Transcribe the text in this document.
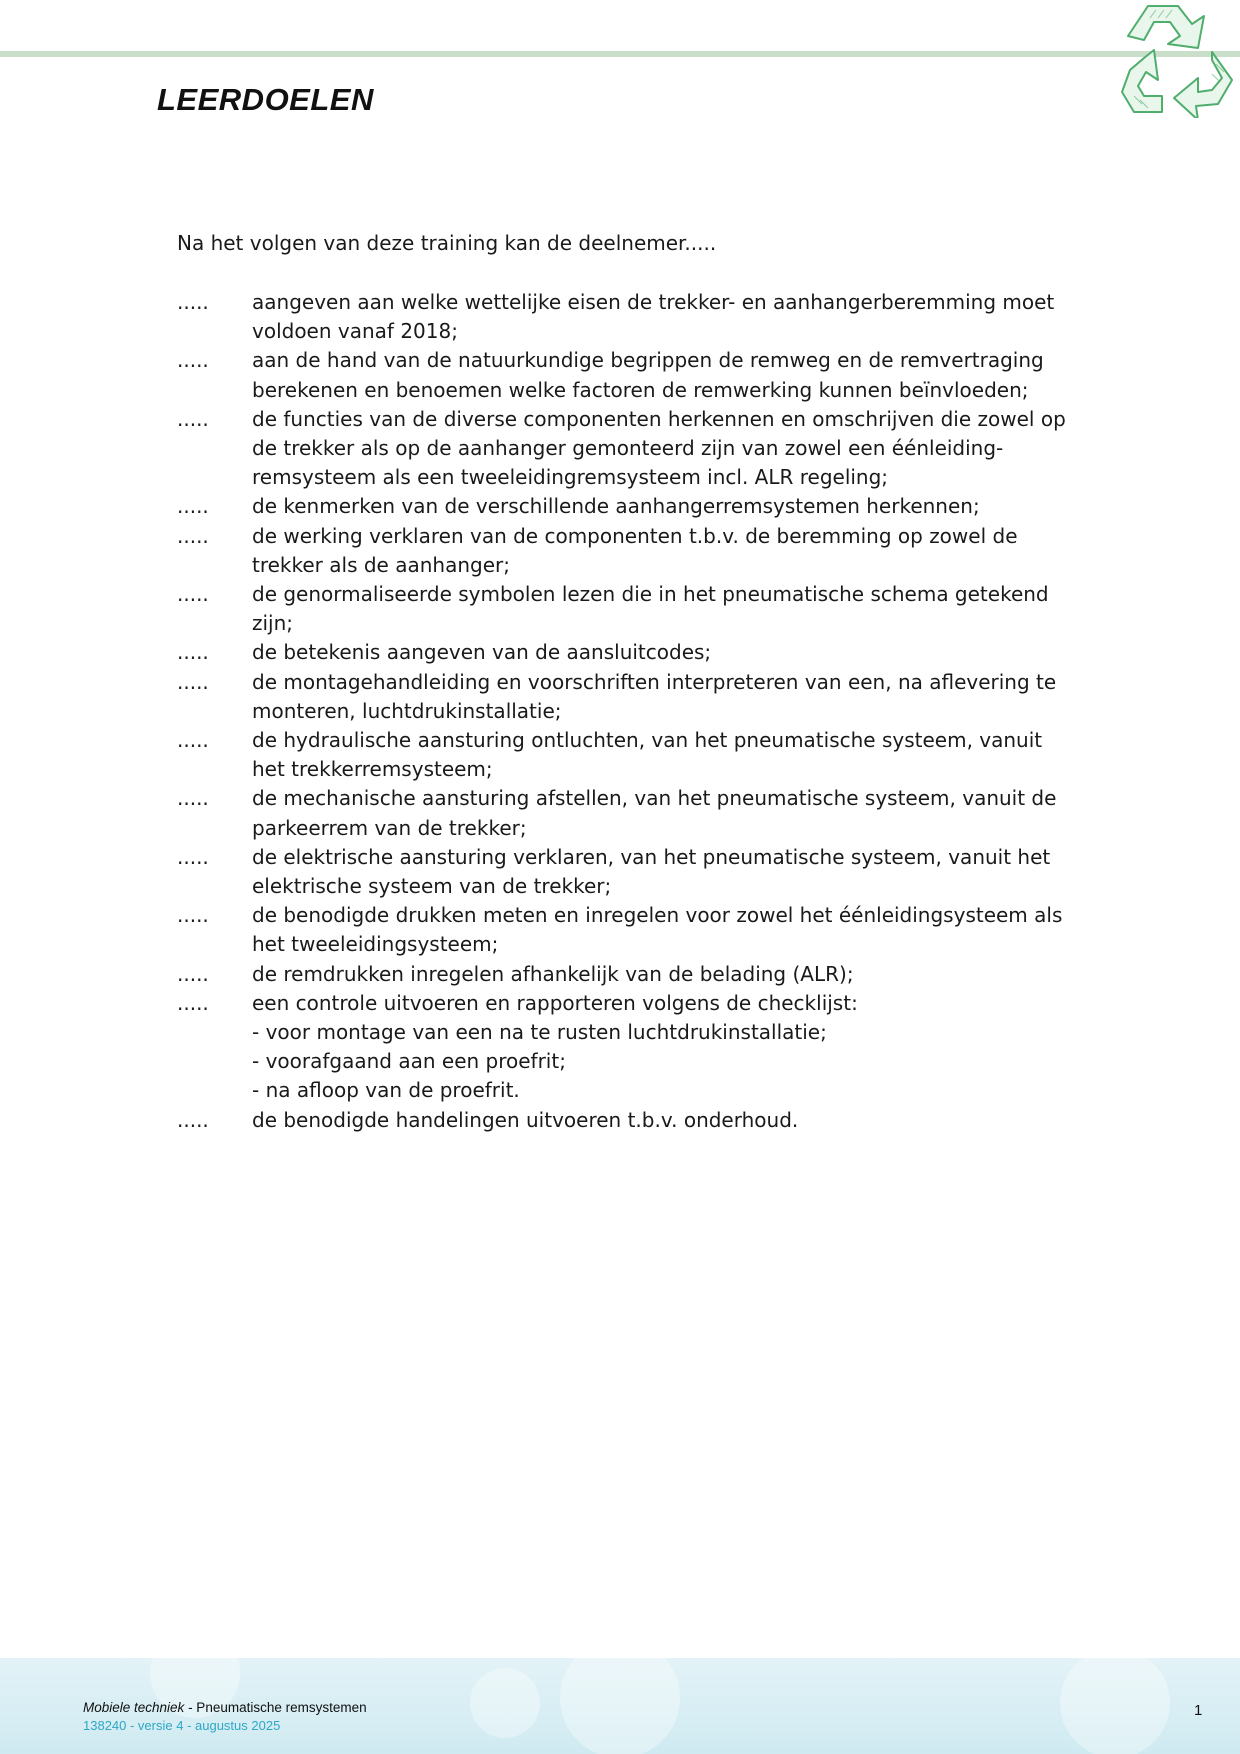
LEERDOELEN
Na het volgen van deze training kan de deelnemer.....
.....	aangeven aan welke wettelijke eisen de trekker- en aanhangerberemming moet voldoen vanaf 2018;
.....	aan de hand van de natuurkundige begrippen de remweg en de remvertraging berekenen en benoemen welke factoren de remwerking kunnen beïnvloeden;
.....	de functies van de diverse componenten herkennen en omschrijven die zowel op de trekker als op de aanhanger gemonteerd zijn van zowel een éénleiding-remsysteem als een tweeleidingremsysteem incl. ALR regeling;
.....	de kenmerken van de verschillende aanhangerremsystemen herkennen;
.....	de werking verklaren van de componenten t.b.v. de beremming op zowel de trekker als de aanhanger;
.....	de genormaliseerde symbolen lezen die in het pneumatische schema getekend zijn;
.....	de betekenis aangeven van de aansluitcodes;
.....	de montagehandleiding en voorschriften interpreteren van een, na aflevering te monteren, luchtdrukinstallatie;
.....	de hydraulische aansturing ontluchten, van het pneumatische systeem, vanuit het trekkerremsysteem;
.....	de mechanische aansturing afstellen, van het pneumatische systeem, vanuit de parkeerrem van de trekker;
.....	de elektrische aansturing verklaren, van het pneumatische systeem, vanuit het elektrische systeem van de trekker;
.....	de benodigde drukken meten en inregelen voor zowel het éénleidingsysteem als het tweeleidingsysteem;
.....	de remdrukken inregelen afhankelijk van de belading (ALR);
.....	een controle uitvoeren en rapporteren volgens de checklijst:
- voor montage van een na te rusten luchtdrukinstallatie;
- voorafgaand aan een proefrit;
- na afloop van de proefrit.
.....	de benodigde handelingen uitvoeren t.b.v. onderhoud.
Mobiele techniek - Pneumatische remsystemen
138240 - versie 4 - augustus 2025
1
